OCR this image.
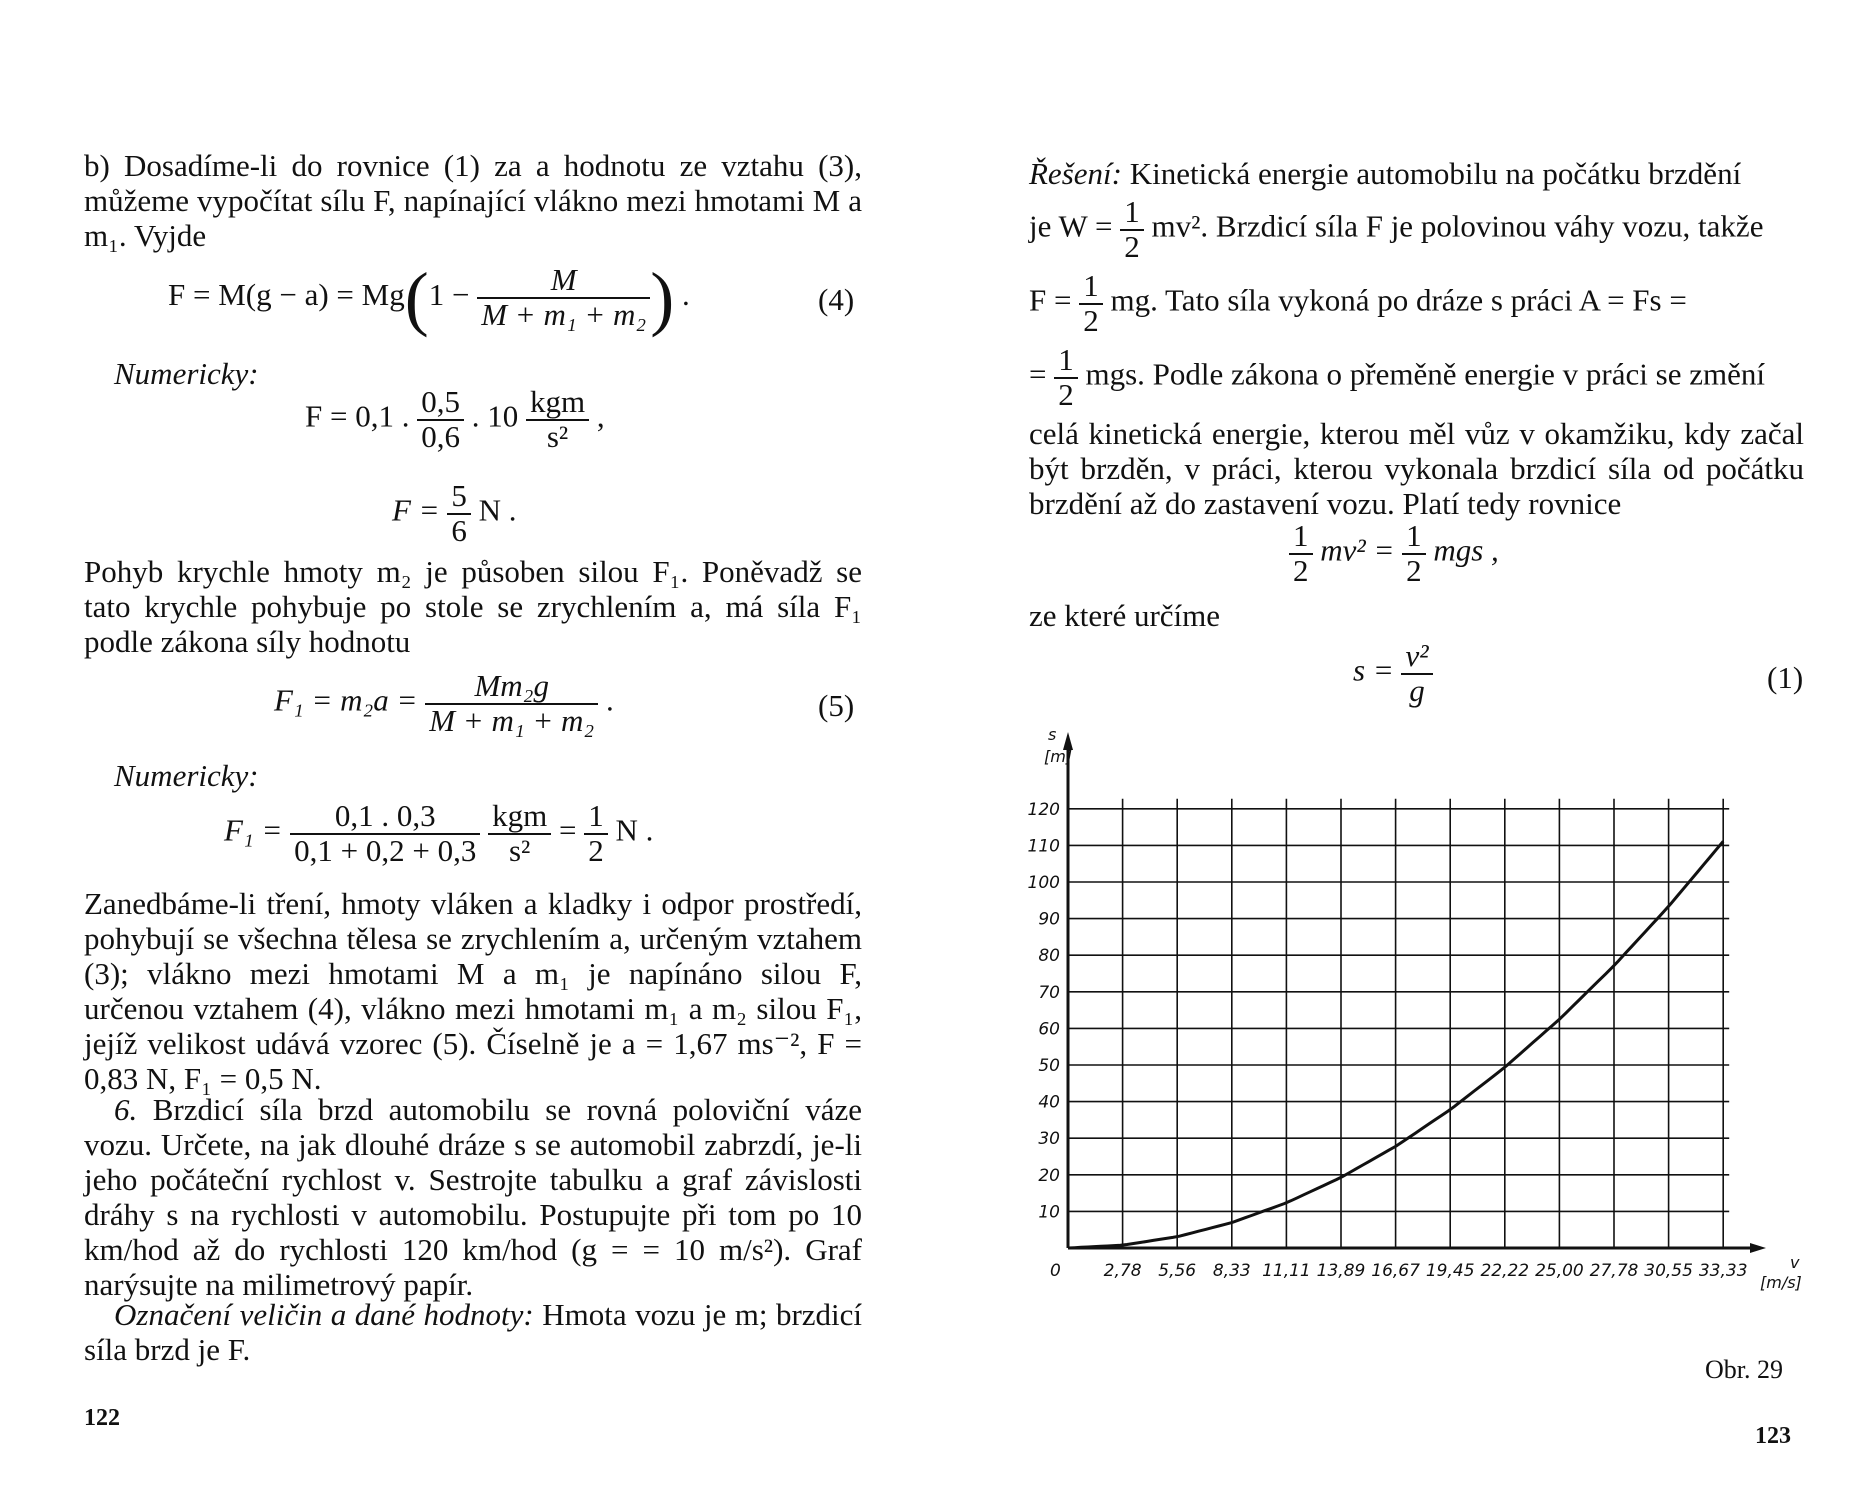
b) Dosadíme-li do rovnice (1) za a hodnotu ze vztahu (3), můžeme vypočítat sílu F, napínající vlákno mezi hmotami M a m₁. Vyjde

$F = M(g - a) = Mg(1 - \frac{M}{\text{M + m₁ + m₂}}$ ) .	(4)

Numericky:

F = 0,1 . $\frac{0,5}{0,6}$ . $10 \frac{\text{kgm}}{\text{s²}}$ ,
$F = \frac{5}{6}$ N .

Pohyb krychle hmoty m₂ je působen silou F₁. Poněvadž se tato krychle pohybuje po stole se zrychlením a, má síla F₁ podle zákona síly hodnotu

$F_1 = m_2a = \frac{\text{Mm₂g}}{\text{M + m₁ + m₂}}$ .	(5)

Numericky:

$F_1 = \frac{0,1 . 0,3}{0,1 + 0,2 + 0,3}$
$\frac{\text{kgm}}{\text{s²}} = \frac{1}{2}$ N .

Zanedbáme-li tření, hmoty vláken a kladky i odpor prostředí, pohybují se všechna tělesa se zrychlením a, určeným vztahem (3); vlákno mezi hmotami M a m₁ je napínáno silou F, určenou vztahem (4), vlákno mezi hmotami m₁ a m₂ silou F₁, jejíž velikost udává vzorec (5). Číselně je a = 1,67 ms⁻², F = 0,83 N, F₁ = 0,5 N.

6. Brzdicí síla brzd automobilu se rovná poloviční váze vozu. Určete, na jak dlouhé dráze s se automobil zabrzdí, je-li jeho počáteční rychlost v. Sestrojte tabulku a graf závislosti dráhy s na rychlosti v automobilu. Postupujte při tom po 10 km/hod až do rychlosti 120 km/hod (g = = 10 m/s²). Graf narýsujte na milimetrový papír.

Označení veličin a dané hodnoty: Hmota vozu je m; brzdicí síla brzd je F.

122

Řešení: Kinetická energie automobilu na počátku brzdění

je $W = \frac{1}{2} mv^2$. Brzdicí síla F je polovinou váhy vozu, takže
$F = \frac{1}{2}$ mg. Tato síla vykoná po dráze s práci A = Fs =
= $\frac{1}{2}$ mgs. Podle zákona o přeměně energie v práci se změní

celá kinetická energie, kterou měl vůz v okamžiku, kdy začal být brzděn, v práci, kterou vykonala brzdicí síla od počátku brzdění až do zastavení vozu. Platí tedy rovnice

$\frac{1}{2} mv^2 = \frac{1}{2}$ mgs ,

ze které určíme

$s = \frac{\text{v²}}{g}$	(1)
Obr. 29
123
10
20
30
40
50
60
70
80
90
100
110
120
2,78 5,56 8,33 11,11 13,89 16,67 19,45 22,22 25,00 27,78 30,55 33,33
s
[m]
v
[m/s]
0
